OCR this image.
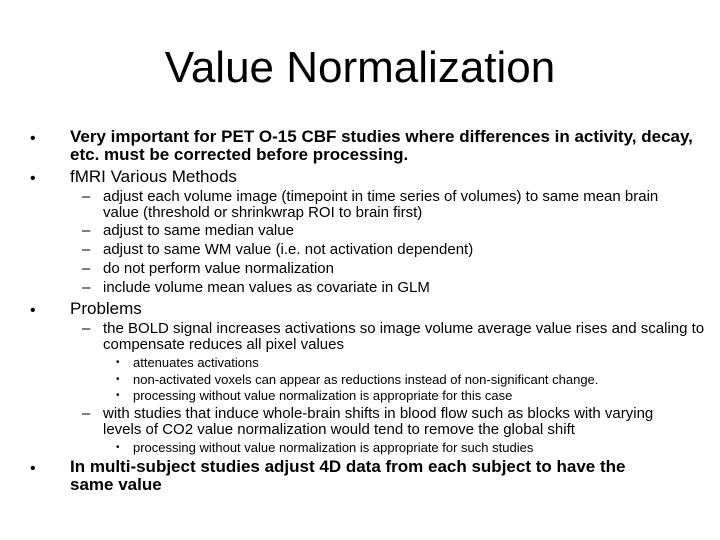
Value Normalization
• Very important for PET O-15 CBF studies where differences in activity, decay, etc. must be corrected before processing.
• fMRI Various Methods
– adjust each volume image (timepoint in time series of volumes) to same mean brain value (threshold or shrinkwrap ROI to brain first)
– adjust to same median value
– adjust to same WM value (i.e. not activation dependent)
– do not perform value normalization
– include volume mean values as covariate in GLM
• Problems
– the BOLD signal increases activations so image volume average value rises and scaling to compensate reduces all pixel values
• attenuates activations
• non-activated voxels can appear as reductions instead of non-significant change.
• processing without value normalization is appropriate for this case
– with studies that induce whole-brain shifts in blood flow such as blocks with varying levels of CO2 value normalization would tend to remove the global shift
• processing without value normalization is appropriate for such studies
• In multi-subject studies adjust 4D data from each subject to have the same value
